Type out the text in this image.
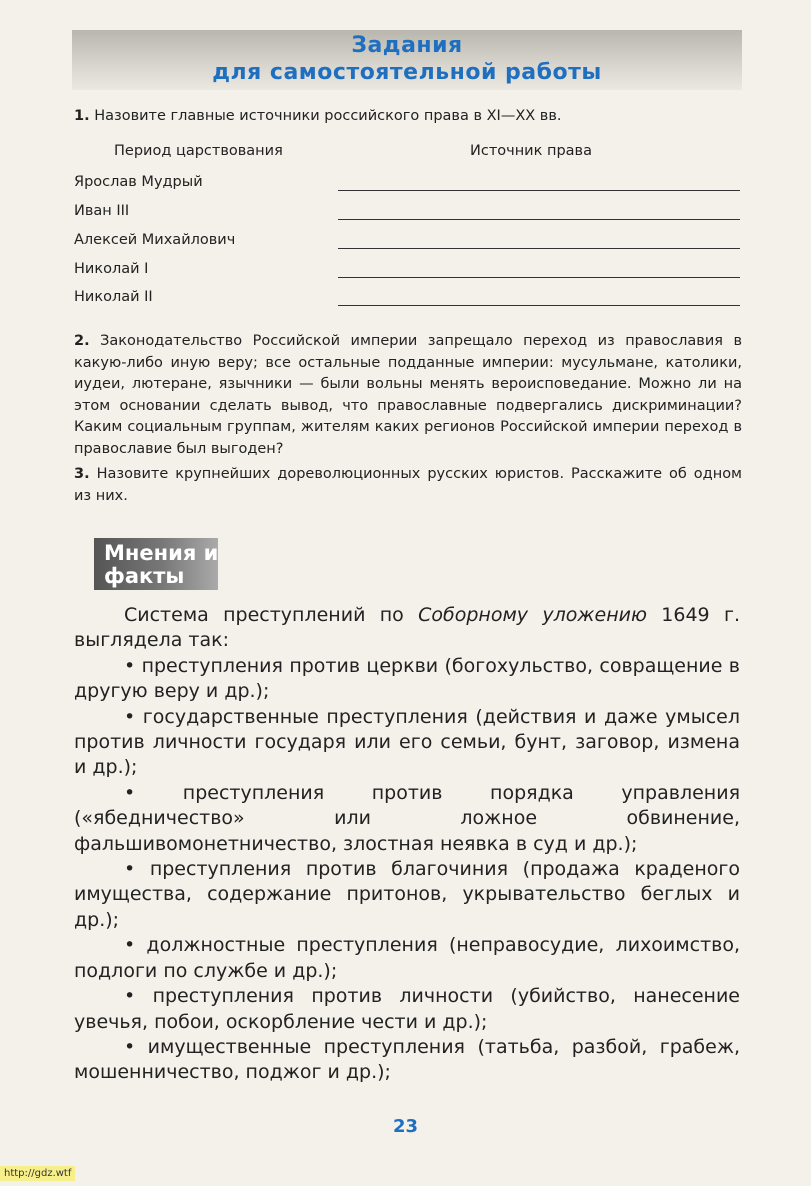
Задания
для самостоятельной работы
1. Назовите главные источники российского права в XI—XX вв.
Период царствования	Источник права
Ярослав Мудрый
Иван III
Алексей Михайлович
Николай I
Николай II
2. Законодательство Российской империи запрещало переход из православия в какую-либо иную веру; все остальные подданные империи: мусульмане, католики, иудеи, лютеране, язычники — были вольны менять вероисповедание. Можно ли на этом основании сделать вывод, что православные подвергались дискриминации? Каким социальным группам, жителям каких регионов Российской империи переход в православие был выгоден?
3. Назовите крупнейших дореволюционных русских юристов. Расскажите об одном из них.
Мнения и
факты

Система преступлений по Соборному уложению 1649 г. выглядела так:

• преступления против церкви (богохульство, совращение в другую веру и др.);

• государственные преступления (действия и даже умысел против личности государя или его семьи, бунт, заговор, измена и др.);

• преступления против порядка управления («ябедничество» или ложное обвинение, фальшивомонетничество, злостная неявка в суд и др.);

• преступления против благочиния (продажа краденого имущества, содержание притонов, укрывательство беглых и др.);

• должностные преступления (неправосудие, лихоимство, подлоги по службе и др.);

• преступления против личности (убийство, нанесение увечья, побои, оскорбление чести и др.);

• имущественные преступления (татьба, разбой, грабеж, мошенничество, поджог и др.);

23
http://gdz.wtf
